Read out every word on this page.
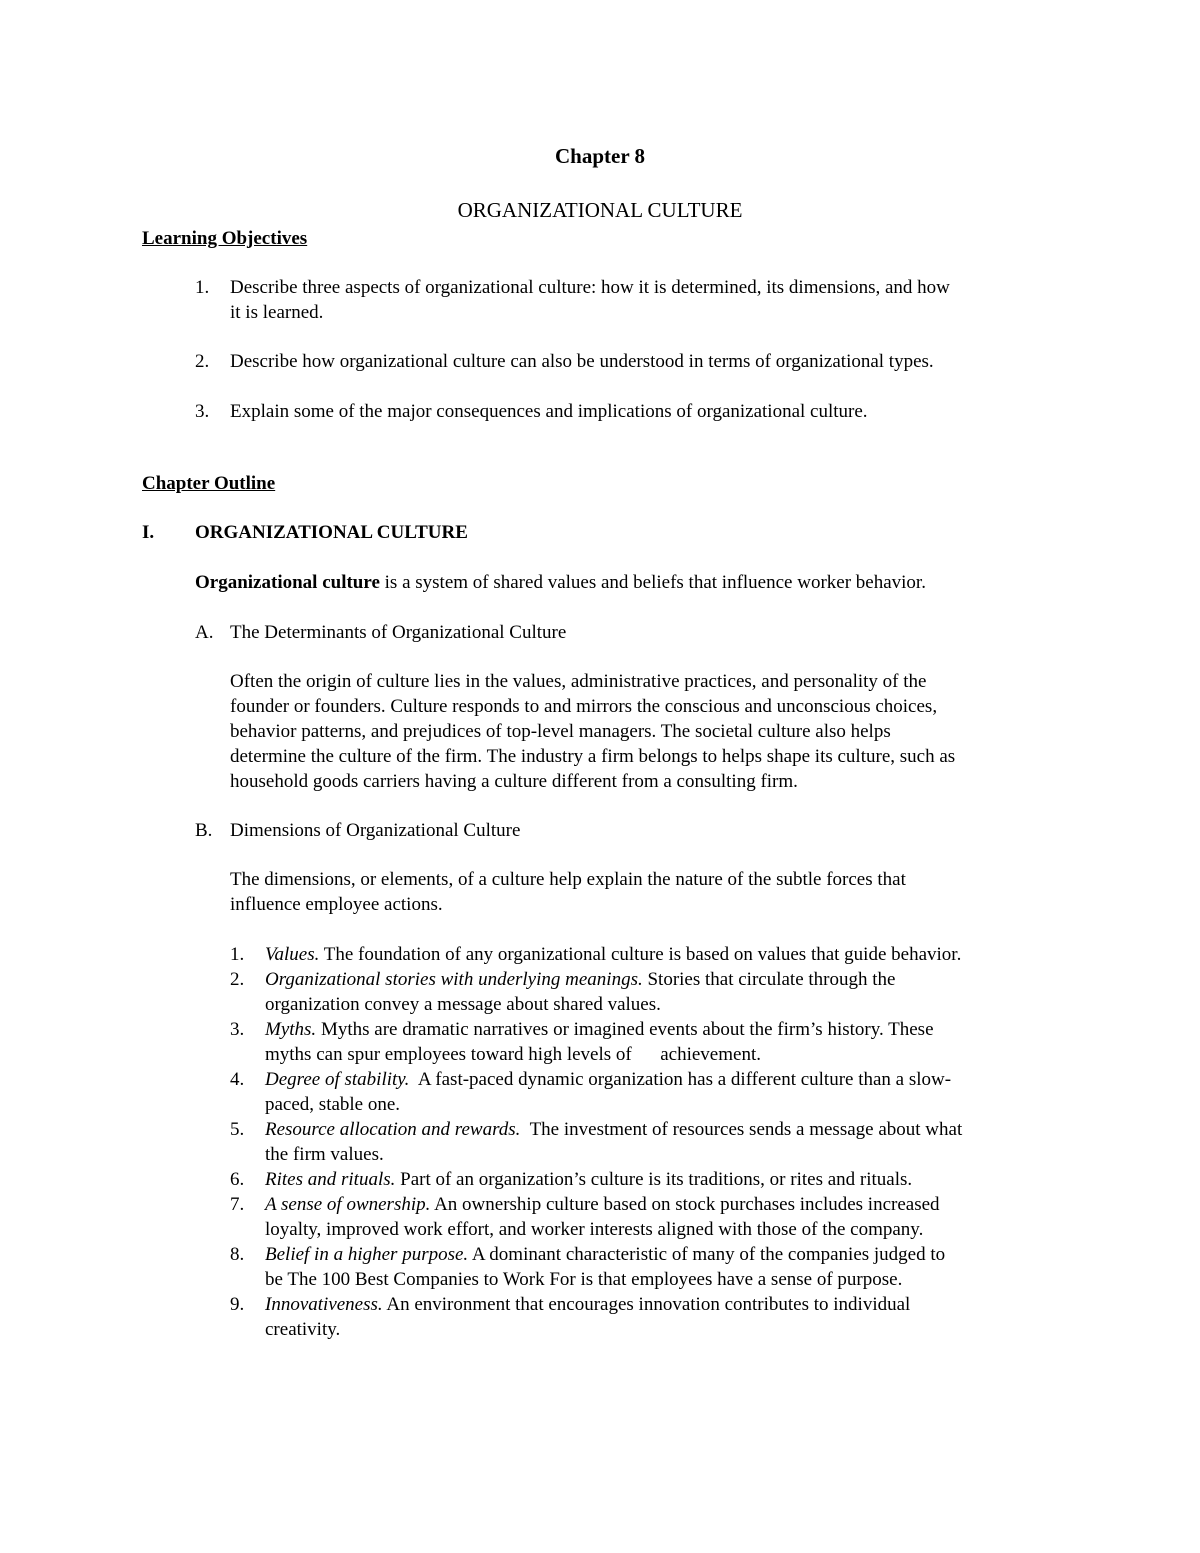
Chapter 8
ORGANIZATIONAL CULTURE
Learning Objectives
1. Describe three aspects of organizational culture: how it is determined, its dimensions, and how
it is learned.
2. Describe how organizational culture can also be understood in terms of organizational types.
3. Explain some of the major consequences and implications of organizational culture.
Chapter Outline
I. ORGANIZATIONAL CULTURE
Organizational culture is a system of shared values and beliefs that influence worker behavior.
A. The Determinants of Organizational Culture
Often the origin of culture lies in the values, administrative practices, and personality of the
founder or founders. Culture responds to and mirrors the conscious and unconscious choices,
behavior patterns, and prejudices of top-level managers. The societal culture also helps
determine the culture of the firm. The industry a firm belongs to helps shape its culture, such as
household goods carriers having a culture different from a consulting firm.
B. Dimensions of Organizational Culture
The dimensions, or elements, of a culture help explain the nature of the subtle forces that
influence employee actions.
1. Values. The foundation of any organizational culture is based on values that guide behavior.
2. Organizational stories with underlying meanings. Stories that circulate through the
organization convey a message about shared values.
3. Myths. Myths are dramatic narratives or imagined events about the firm’s history. These
myths can spur employees toward high levels of      achievement.
4. Degree of stability.  A fast-paced dynamic organization has a different culture than a slow-
paced, stable one.
5. Resource allocation and rewards.  The investment of resources sends a message about what
the firm values.
6. Rites and rituals. Part of an organization’s culture is its traditions, or rites and rituals.
7. A sense of ownership. An ownership culture based on stock purchases includes increased
loyalty, improved work effort, and worker interests aligned with those of the company.
8. Belief in a higher purpose. A dominant characteristic of many of the companies judged to
be The 100 Best Companies to Work For is that employees have a sense of purpose.
9. Innovativeness. An environment that encourages innovation contributes to individual
creativity.
